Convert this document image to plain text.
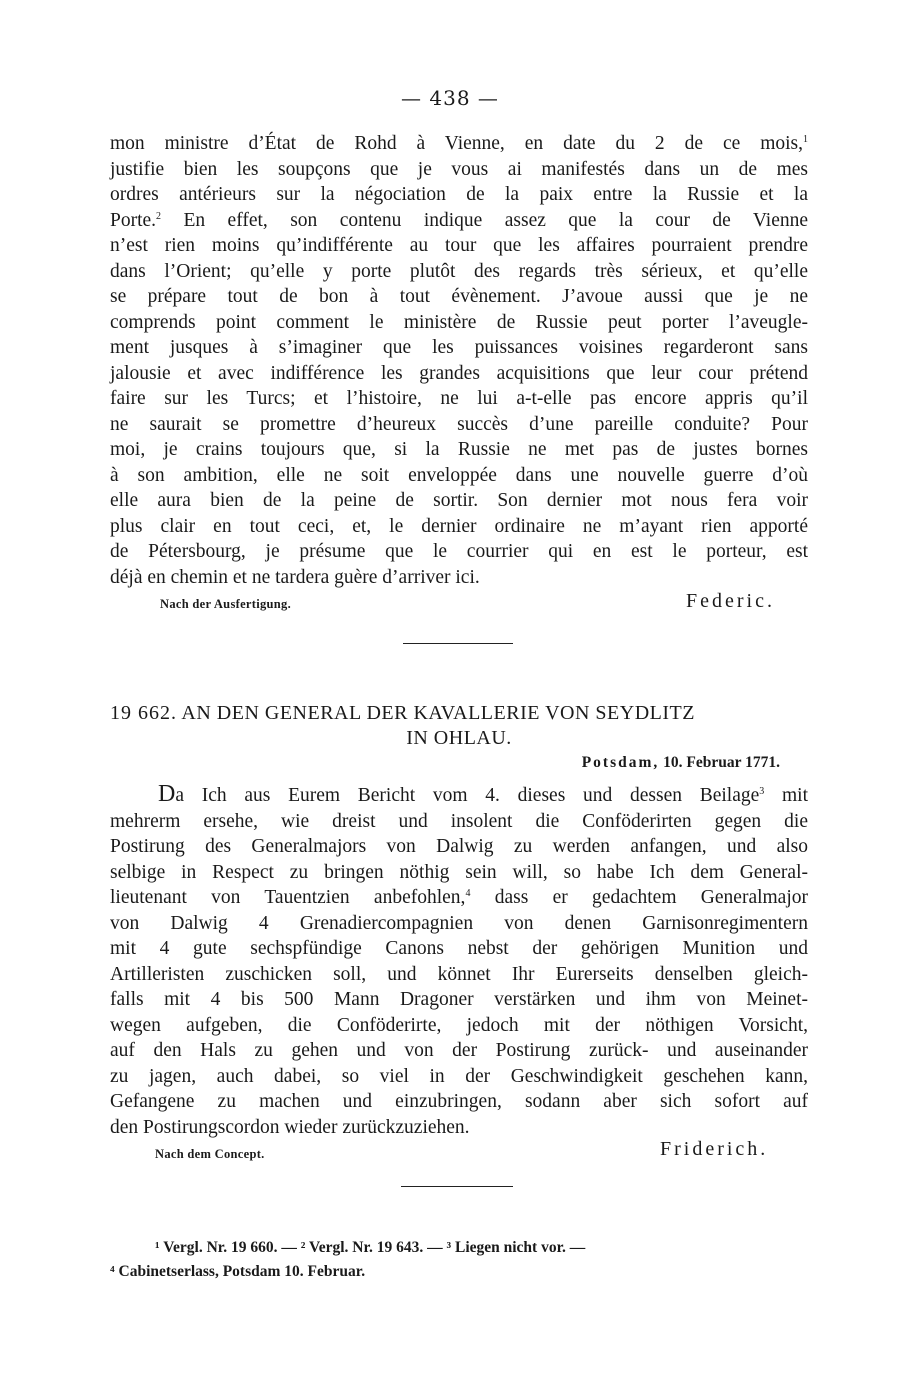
— 438 —
mon ministre d’État de Rohd à Vienne, en date du 2 de ce mois,$^1$
justifie bien les soupçons que je vous ai manifestés dans un de mes
ordres antérieurs sur la négociation de la paix entre la Russie et la
Porte.$^2$ En effet, son contenu indique assez que la cour de Vienne
n’est rien moins qu’indifférente au tour que les affaires pourraient prendre
dans l’Orient; qu’elle y porte plutôt des regards très sérieux, et qu’elle
se prépare tout de bon à tout évènement. J’avoue aussi que je ne
comprends point comment le ministère de Russie peut porter l’aveugle-
ment jusques à s’imaginer que les puissances voisines regarderont sans
jalousie et avec indifférence les grandes acquisitions que leur cour prétend
faire sur les Turcs; et l’histoire, ne lui a-t-elle pas encore appris qu’il
ne saurait se promettre d’heureux succès d’une pareille conduite? Pour
moi, je crains toujours que, si la Russie ne met pas de justes bornes
à son ambition, elle ne soit enveloppée dans une nouvelle guerre d’où
elle aura bien de la peine de sortir. Son dernier mot nous fera voir
plus clair en tout ceci, et, le dernier ordinaire ne m’ayant rien apporté
de Pétersbourg, je présume que le courrier qui en est le porteur, est
déjà en chemin et ne tardera guère d’arriver ici.
Nach der Ausfertigung.	Federic.
19 662. AN DEN GENERAL DER KAVALLERIE VON SEYDLITZ
IN OHLAU.
Potsdam, 10. Februar 1771.
Da Ich aus Eurem Bericht vom 4. dieses und dessen Beilage$^3$ mit
mehrerm ersehe, wie dreist und insolent die Conföderirten gegen die
Postirung des Generalmajors von Dalwig zu werden anfangen, und also
selbige in Respect zu bringen nöthig sein will, so habe Ich dem General-
lieutenant von Tauentzien anbefohlen,$^4$ dass er gedachtem Generalmajor
von Dalwig 4 Grenadiercompagnien von denen Garnisonregimentern
mit 4 gute sechspfündige Canons nebst der gehörigen Munition und
Artilleristen zuschicken soll, und könnet Ihr Eurerseits denselben gleich-
falls mit 4 bis 500 Mann Dragoner verstärken und ihm von Meinet-
wegen aufgeben, die Conföderirte, jedoch mit der nöthigen Vorsicht,
auf den Hals zu gehen und von der Postirung zurück- und auseinander
zu jagen, auch dabei, so viel in der Geschwindigkeit geschehen kann,
Gefangene zu machen und einzubringen, sodann aber sich sofort auf
den Postirungscordon wieder zurückzuziehen.
Nach dem Concept.	Friderich.
¹ Vergl. Nr. 19 660. — ² Vergl. Nr. 19 643. — ³ Liegen nicht vor. —
⁴ Cabinetserlass, Potsdam 10. Februar.
